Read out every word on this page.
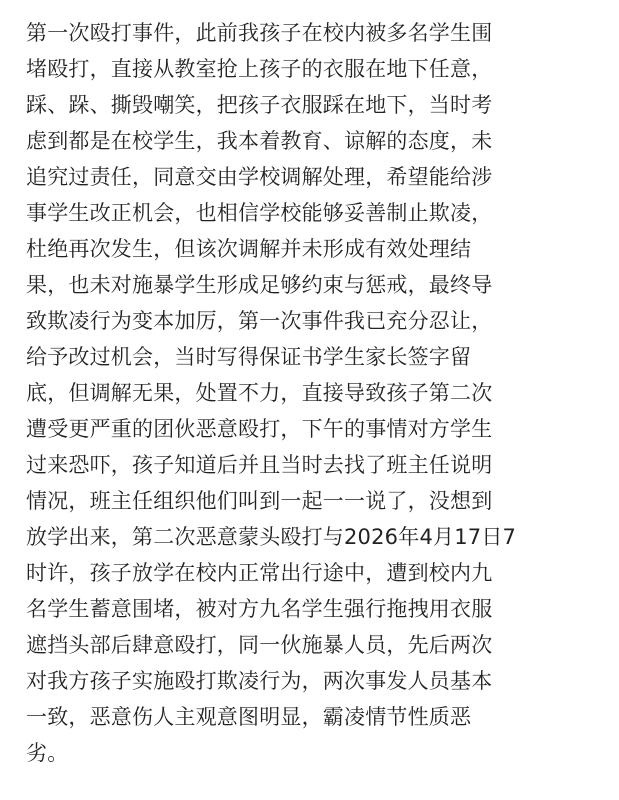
第一次殴打事件，此前我孩子在校内被多名学生围
堵殴打，直接从教室抢上孩子的衣服在地下任意，
踩、跺、撕毁嘲笑，把孩子衣服踩在地下，当时考
虑到都是在校学生，我本着教育、谅解的态度，未
追究过责任，同意交由学校调解处理，希望能给涉
事学生改正机会，也相信学校能够妥善制止欺凌，
杜绝再次发生，但该次调解并未形成有效处理结
果，也未对施暴学生形成足够约束与惩戒，最终导
致欺凌行为变本加厉，第一次事件我已充分忍让，
给予改过机会，当时写得保证书学生家长签字留
底，但调解无果，处置不力，直接导致孩子第二次
遭受更严重的团伙恶意殴打，下午的事情对方学生
过来恐吓，孩子知道后并且当时去找了班主任说明
情况，班主任组织他们叫到一起一一说了，没想到
放学出来，第二次恶意蒙头殴打与2026年4月17日7
时许，孩子放学在校内正常出行途中，遭到校内九
名学生蓄意围堵，被对方九名学生强行拖拽用衣服
遮挡头部后肆意殴打，同一伙施暴人员，先后两次
对我方孩子实施殴打欺凌行为，两次事发人员基本
一致，恶意伤人主观意图明显，霸凌情节性质恶
劣。
